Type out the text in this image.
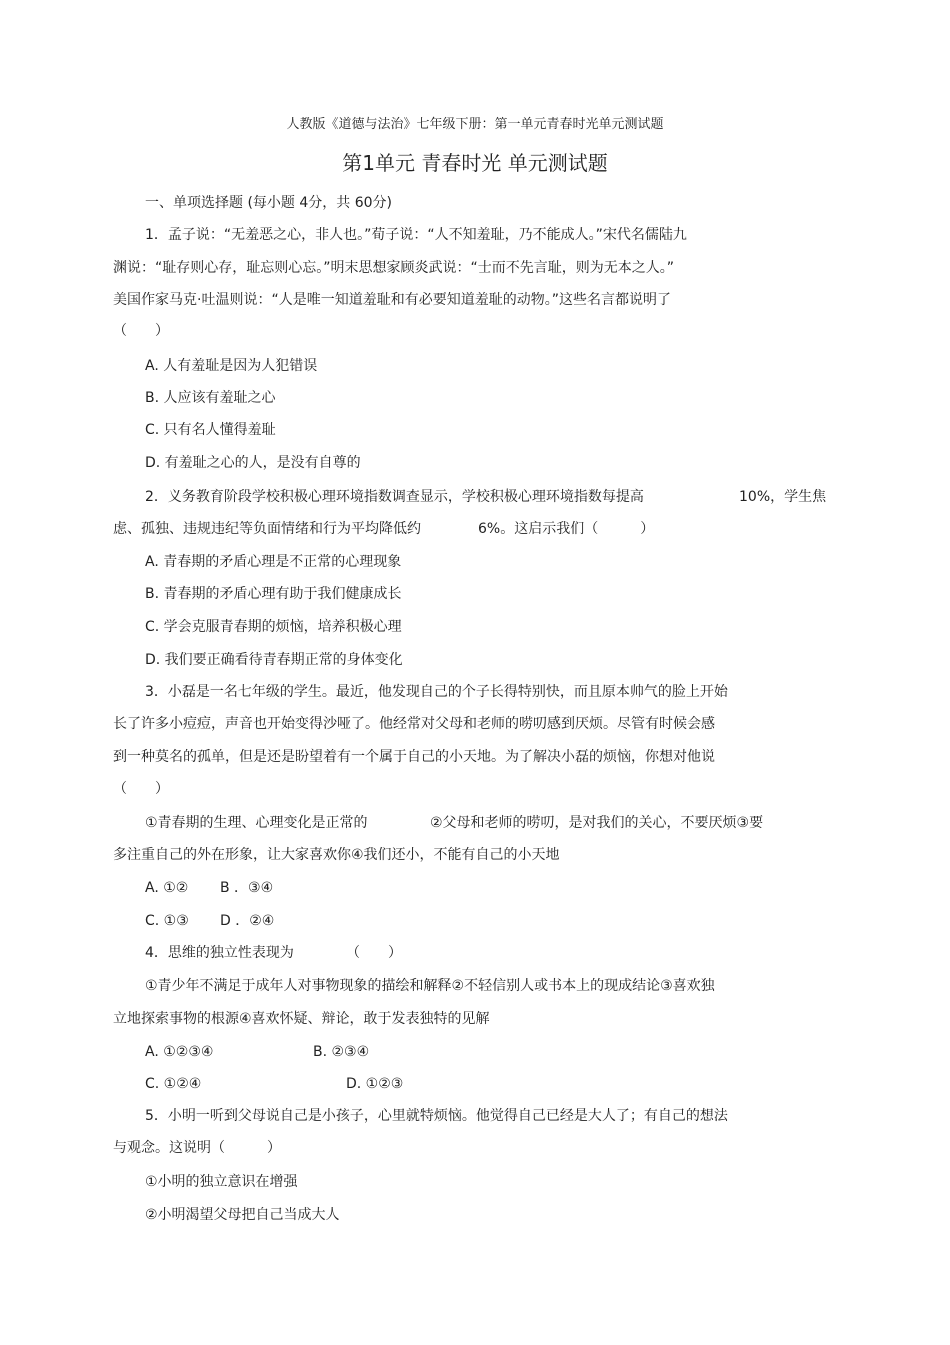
人教版《道德与法治》七年级下册：第一单元青春时光单元测试题
第1单元 青春时光 单元测试题
一、单项选择题 (每小题 4分，共 60分)
1．孟子说：“无羞恶之心，非人也。”荀子说：“人不知羞耻，乃不能成人。”宋代名儒陆九
渊说：“耻存则心存，耻忘则心忘。”明末思想家顾炎武说：“士而不先言耻，则为无本之人。”
美国作家马克·吐温则说：“人是唯一知道羞耻和有必要知道羞耻的动物。”这些名言都说明了
（　　）
A. 人有羞耻是因为人犯错误
B. 人应该有羞耻之心
C. 只有名人懂得羞耻
D. 有羞耻之心的人，是没有自尊的
2．义务教育阶段学校积极心理环境指数调查显示，学校积极心理环境指数每提高	10%，学生焦
虑、孤独、违规违纪等负面情绪和行为平均降低约	6%。这启示我们（　　　）
A. 青春期的矛盾心理是不正常的心理现象
B. 青春期的矛盾心理有助于我们健康成长
C. 学会克服青春期的烦恼，培养积极心理
D. 我们要正确看待青春期正常的身体变化
3．小磊是一名七年级的学生。最近，他发现自己的个子长得特别快，而且原本帅气的脸上开始
长了许多小痘痘，声音也开始变得沙哑了。他经常对父母和老师的唠叨感到厌烦。尽管有时候会感
到一种莫名的孤单，但是还是盼望着有一个属于自己的小天地。为了解决小磊的烦恼，你想对他说
（　　）
①青春期的生理、心理变化是正常的	②父母和老师的唠叨，是对我们的关心，不要厌烦③要
多注重自己的外在形象，让大家喜欢你④我们还小，不能有自己的小天地
A. ①② B ．③④
C. ①③ D ．②④
4．思维的独立性表现为	（　　）
①青少年不满足于成年人对事物现象的描绘和解释②不轻信别人或书本上的现成结论③喜欢独
立地探索事物的根源④喜欢怀疑、辩论，敢于发表独特的见解
A. ①②③④	B. ②③④
C. ①②④	D. ①②③
5．小明一听到父母说自己是小孩子，心里就特烦恼。他觉得自己已经是大人了；有自己的想法
与观念。这说明（　　　）
①小明的独立意识在增强
②小明渴望父母把自己当成大人
